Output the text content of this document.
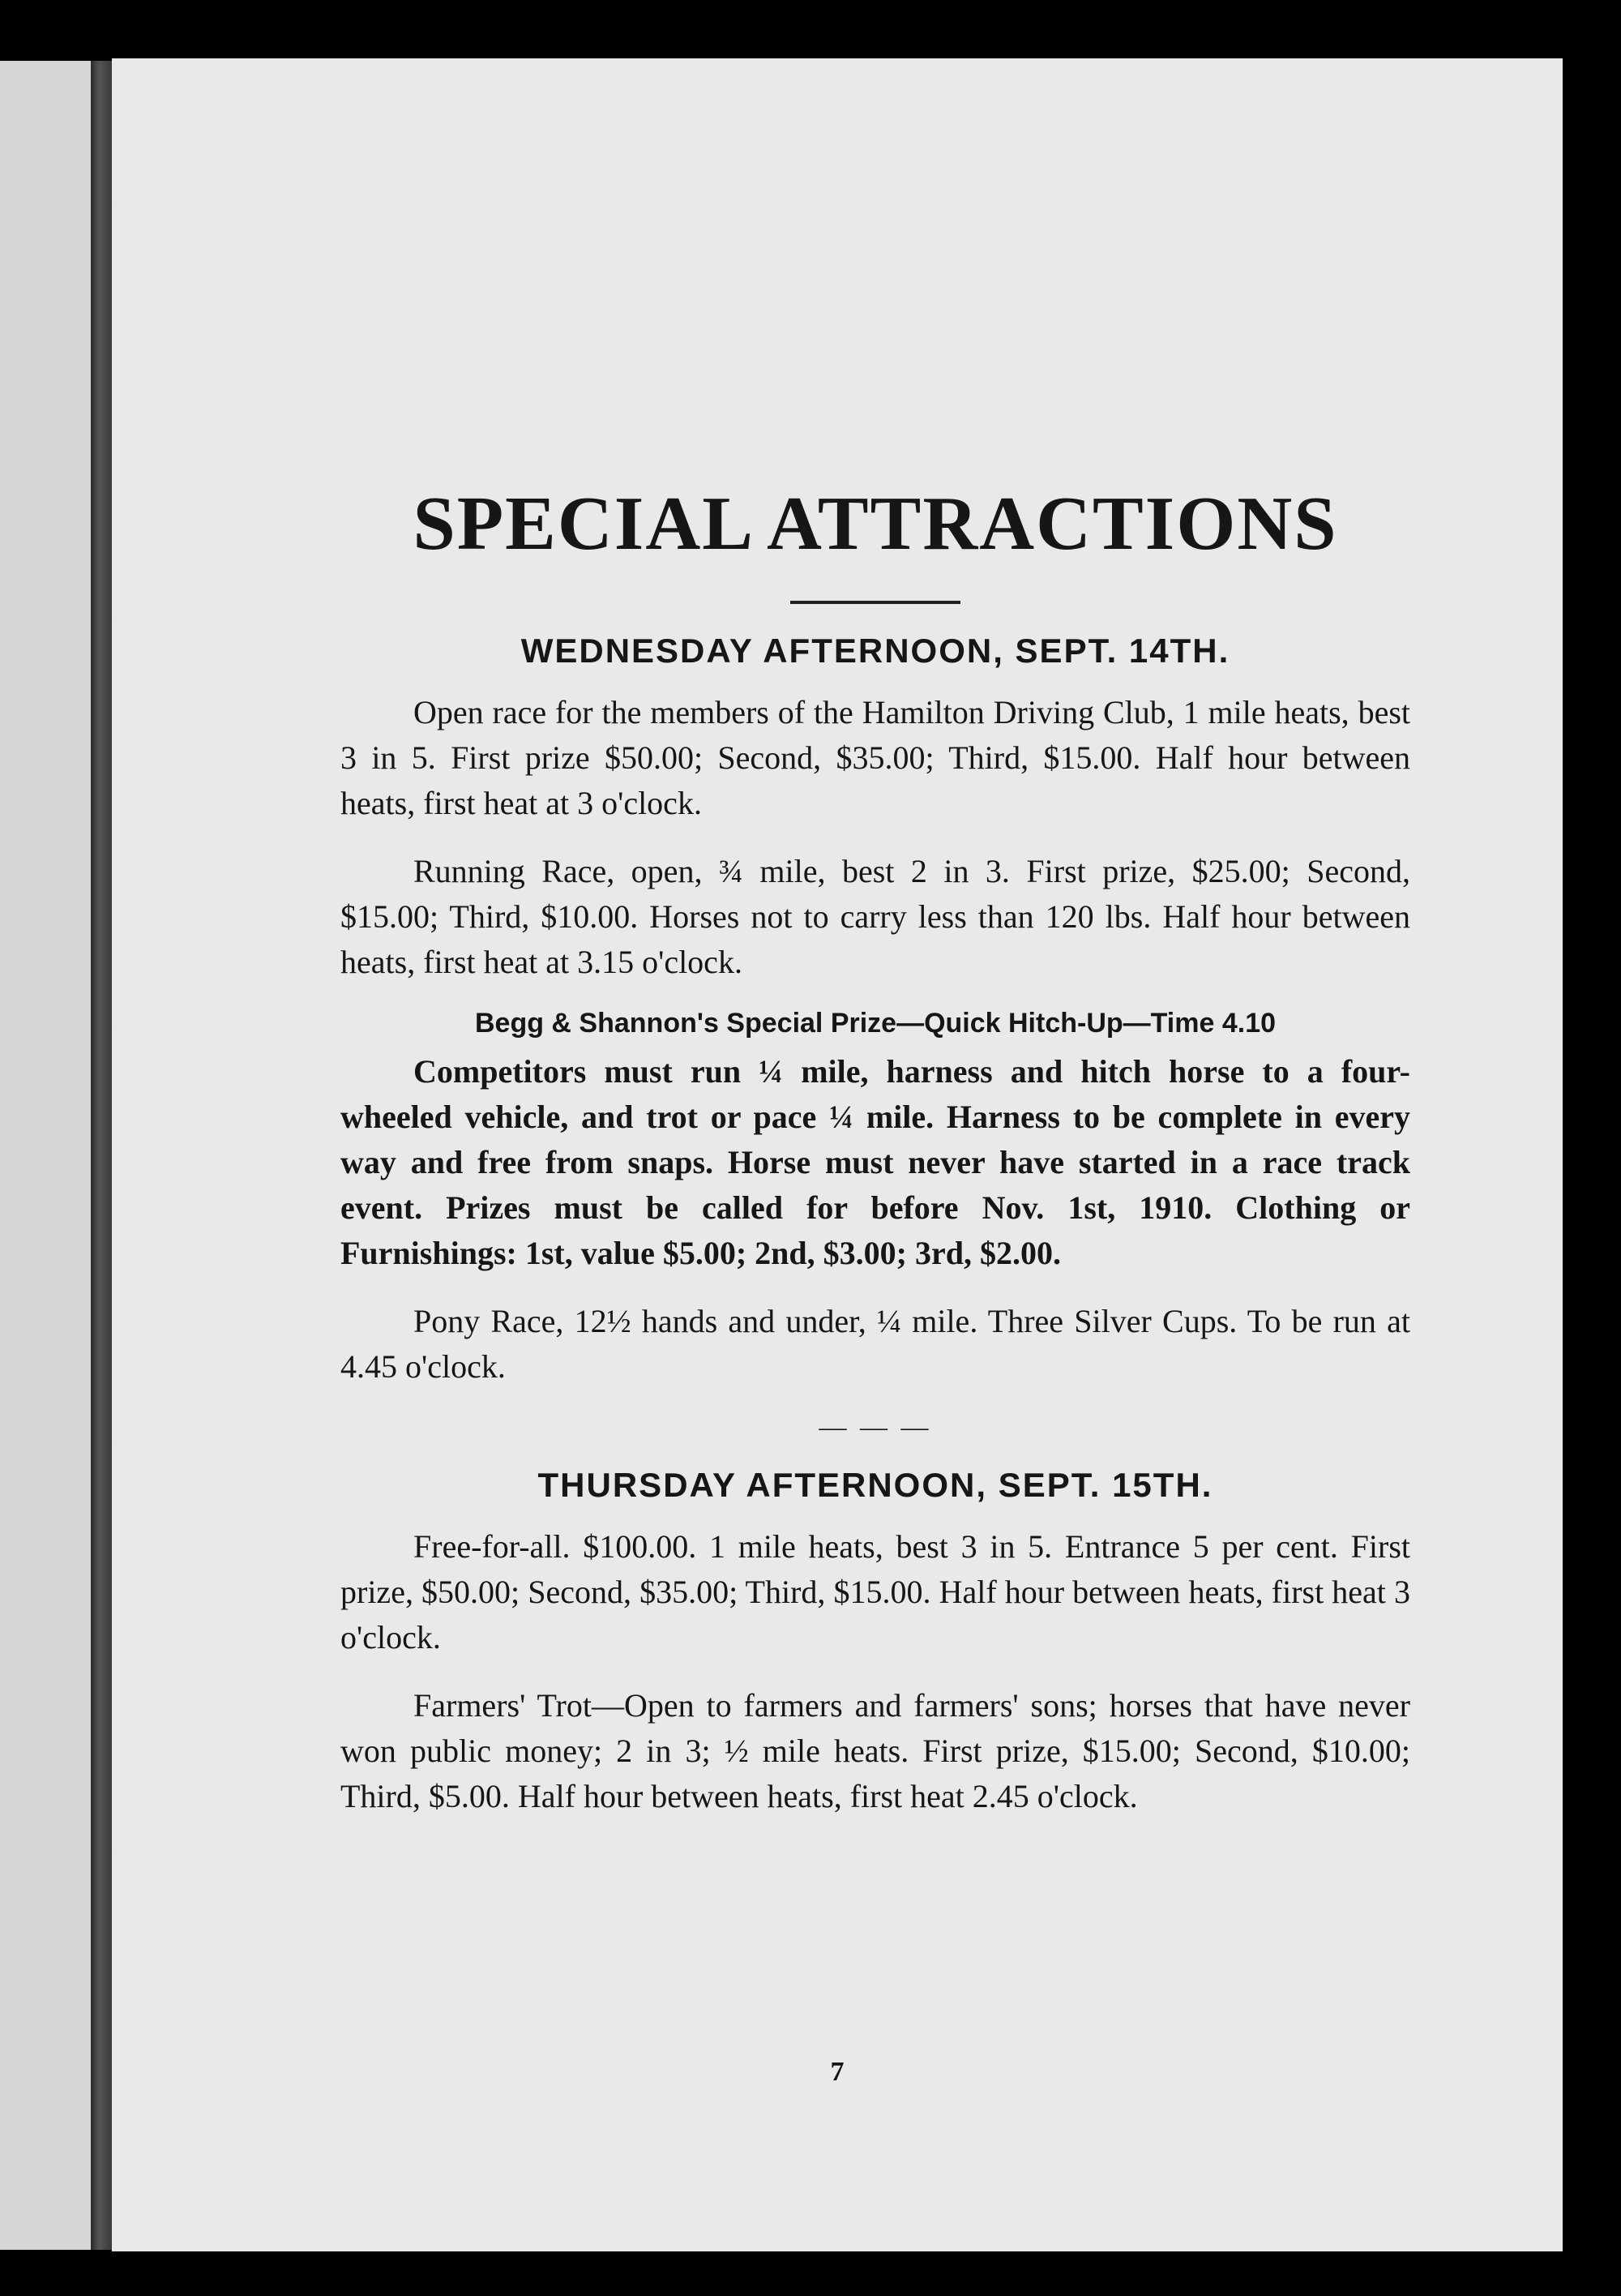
SPECIAL ATTRACTIONS
WEDNESDAY AFTERNOON, SEPT. 14TH.

Open race for the members of the Hamilton Driving Club, 1 mile heats, best 3 in 5. First prize $50.00; Second, $35.00; Third, $15.00. Half hour between heats, first heat at 3 o'clock.

Running Race, open, ¾ mile, best 2 in 3. First prize, $25.00; Second, $15.00; Third, $10.00. Horses not to carry less than 120 lbs. Half hour between heats, first heat at 3.15 o'clock.

Begg & Shannon's Special Prize—Quick Hitch-Up—Time 4.10

Competitors must run ¼ mile, harness and hitch horse to a four-wheeled vehicle, and trot or pace ¼ mile. Harness to be complete in every way and free from snaps. Horse must never have started in a race track event. Prizes must be called for before Nov. 1st, 1910. Clothing or Furnishings: 1st, value $5.00; 2nd, $3.00; 3rd, $2.00.

Pony Race, 12½ hands and under, ¼ mile. Three Silver Cups. To be run at 4.45 o'clock.

— — —
THURSDAY AFTERNOON, SEPT. 15TH.

Free-for-all. $100.00. 1 mile heats, best 3 in 5. Entrance 5 per cent. First prize, $50.00; Second, $35.00; Third, $15.00. Half hour between heats, first heat 3 o'clock.

Farmers' Trot—Open to farmers and farmers' sons; horses that have never won public money; 2 in 3; ½ mile heats. First prize, $15.00; Second, $10.00; Third, $5.00. Half hour between heats, first heat 2.45 o'clock.

7
